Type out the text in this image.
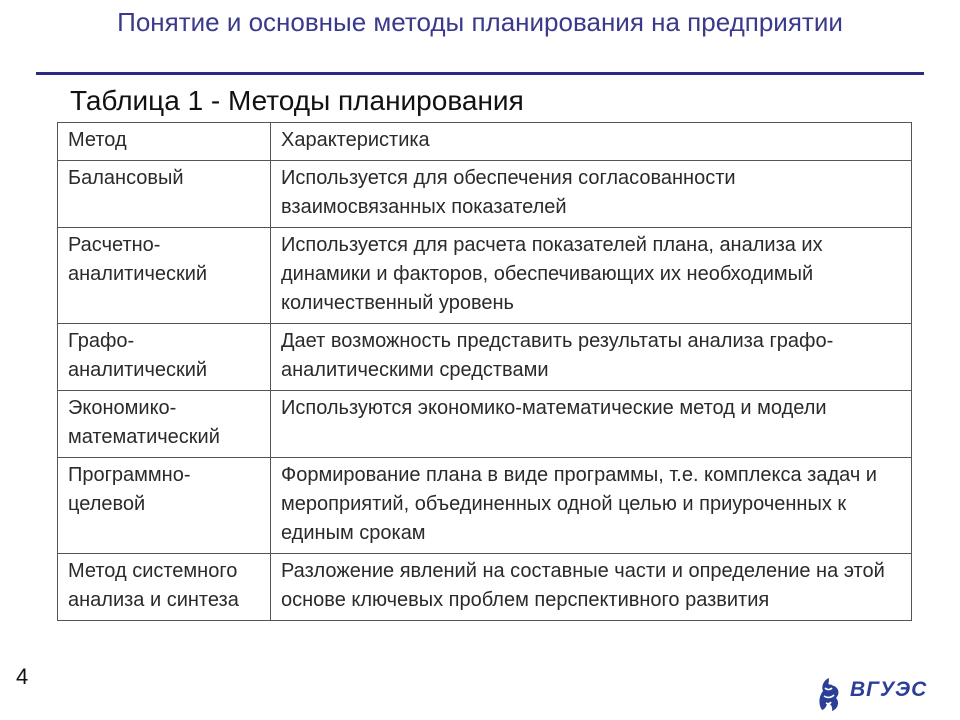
Понятие и основные методы планирования на предприятии
Таблица 1 - Методы планирования
Метод	Характеристика
Балансовый	Используется для обеспечения согласованности взаимосвязанных показателей
Расчетно-аналитический	Используется для расчета показателей плана, анализа их динамики и факторов, обеспечивающих их необходимый количественный уровень
Графо-аналитический	Дает возможность представить результаты анализа графо-аналитическими средствами
Экономико-математический	Используются экономико-математические метод и модели
Программно-целевой	Формирование плана в виде программы, т.е. комплекса задач и мероприятий, объединенных одной целью и приуроченных к единым срокам
Метод системного анализа и синтеза	Разложение явлений на составные части и определение на этой основе ключевых проблем перспективного развития
4
ВГУЭС
